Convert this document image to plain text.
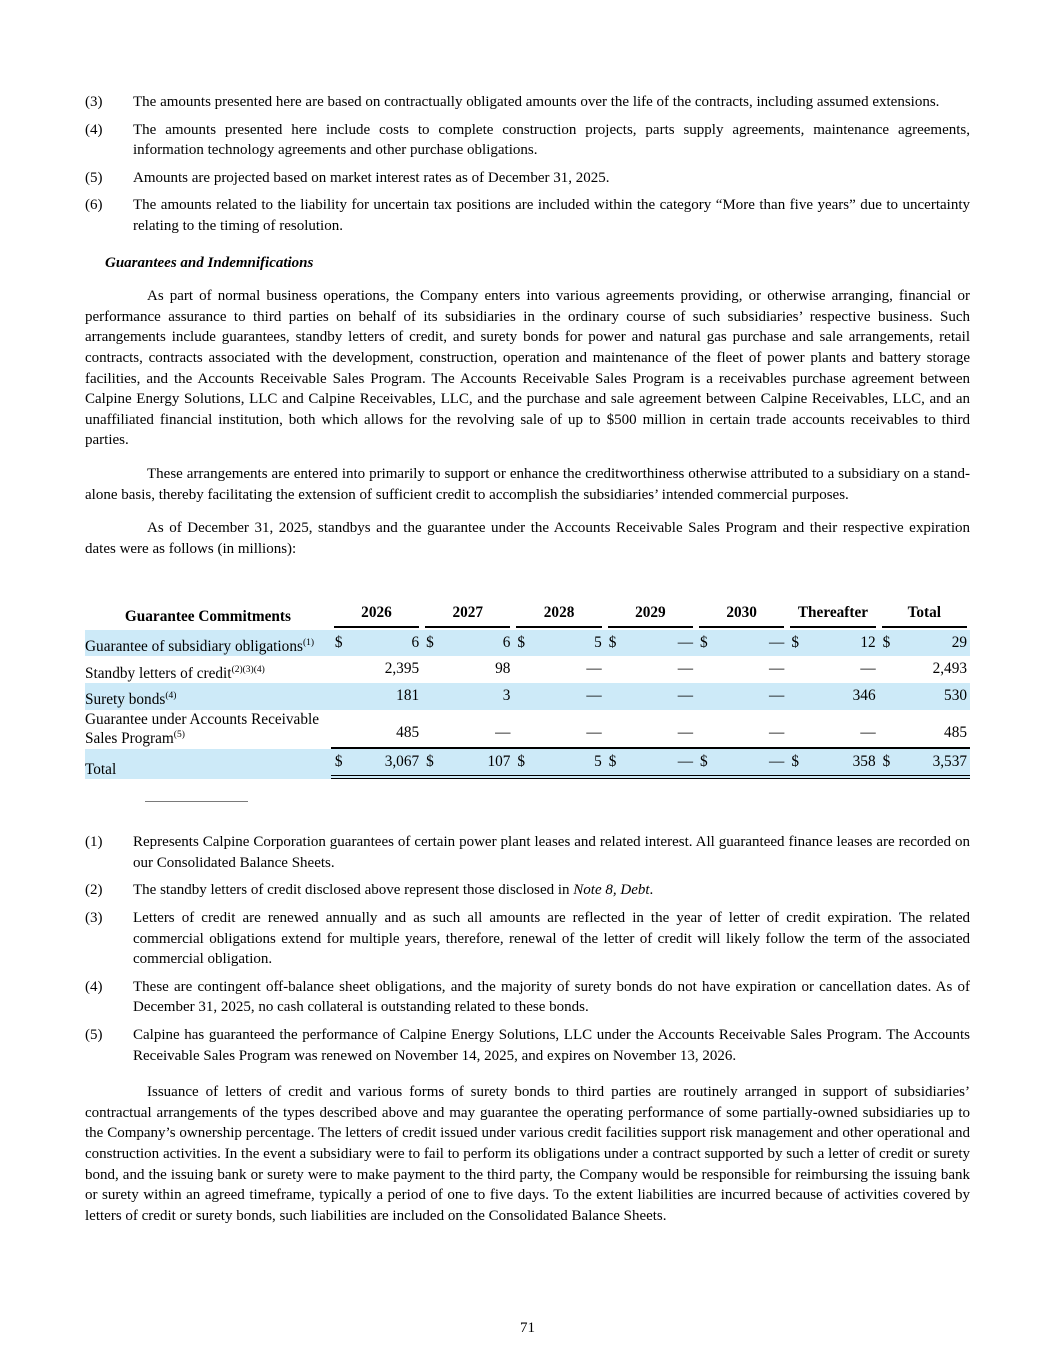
(3)	The amounts presented here are based on contractually obligated amounts over the life of the contracts, including assumed extensions.
(4)	The amounts presented here include costs to complete construction projects, parts supply agreements, maintenance agreements, information technology agreements and other purchase obligations.
(5)	Amounts are projected based on market interest rates as of December 31, 2025.
(6)	The amounts related to the liability for uncertain tax positions are included within the category “More than five years” due to uncertainty relating to the timing of resolution.
Guarantees and Indemnifications
As part of normal business operations, the Company enters into various agreements providing, or otherwise arranging, financial or performance assurance to third parties on behalf of its subsidiaries in the ordinary course of such subsidiaries’ respective business. Such arrangements include guarantees, standby letters of credit, and surety bonds for power and natural gas purchase and sale arrangements, retail contracts, contracts associated with the development, construction, operation and maintenance of the fleet of power plants and battery storage facilities, and the Accounts Receivable Sales Program. The Accounts Receivable Sales Program is a receivables purchase agreement between Calpine Energy Solutions, LLC and Calpine Receivables, LLC, and the purchase and sale agreement between Calpine Receivables, LLC, and an unaffiliated financial institution, both which allows for the revolving sale of up to $500 million in certain trade accounts receivables to third parties.
These arrangements are entered into primarily to support or enhance the creditworthiness otherwise attributed to a subsidiary on a stand-alone basis, thereby facilitating the extension of sufficient credit to accomplish the subsidiaries’ intended commercial purposes.
As of December 31, 2025, standbys and the guarantee under the Accounts Receivable Sales Program and their respective expiration dates were as follows (in millions):
Guarantee Commitments	2026	2027	2028	2029	2030	Thereafter	Total

Guarantee of subsidiary obligations$^{(1)}$	$ 6	$ 6	$ 5	$ —	$ —	$ 12	$ 29

Standby letters of credit$^{(2)(3)(4)}$	2,395	98	—	—	—	—	2,493

Surety bonds$^{(4)}$	181	3	—	—	—	346	530

Guarantee under Accounts Receivable Sales Program$^{(5)}$	485	—	—	—	—	—	485

Total	$ 3,067	$ 107	$ 5	$ —	$ —	$ 358	$ 3,537
(1)	Represents Calpine Corporation guarantees of certain power plant leases and related interest. All guaranteed finance leases are recorded on our Consolidated Balance Sheets.
(2)	The standby letters of credit disclosed above represent those disclosed in Note 8, Debt.
(3)	Letters of credit are renewed annually and as such all amounts are reflected in the year of letter of credit expiration. The related commercial obligations extend for multiple years, therefore, renewal of the letter of credit will likely follow the term of the associated commercial obligation.
(4)	These are contingent off-balance sheet obligations, and the majority of surety bonds do not have expiration or cancellation dates. As of December 31, 2025, no cash collateral is outstanding related to these bonds.
(5)	Calpine has guaranteed the performance of Calpine Energy Solutions, LLC under the Accounts Receivable Sales Program. The Accounts Receivable Sales Program was renewed on November 14, 2025, and expires on November 13, 2026.
Issuance of letters of credit and various forms of surety bonds to third parties are routinely arranged in support of subsidiaries’ contractual arrangements of the types described above and may guarantee the operating performance of some partially-owned subsidiaries up to the Company’s ownership percentage. The letters of credit issued under various credit facilities support risk management and other operational and construction activities. In the event a subsidiary were to fail to perform its obligations under a contract supported by such a letter of credit or surety bond, and the issuing bank or surety were to make payment to the third party, the Company would be responsible for reimbursing the issuing bank or surety within an agreed timeframe, typically a period of one to five days. To the extent liabilities are incurred because of activities covered by letters of credit or surety bonds, such liabilities are included on the Consolidated Balance Sheets.
71
